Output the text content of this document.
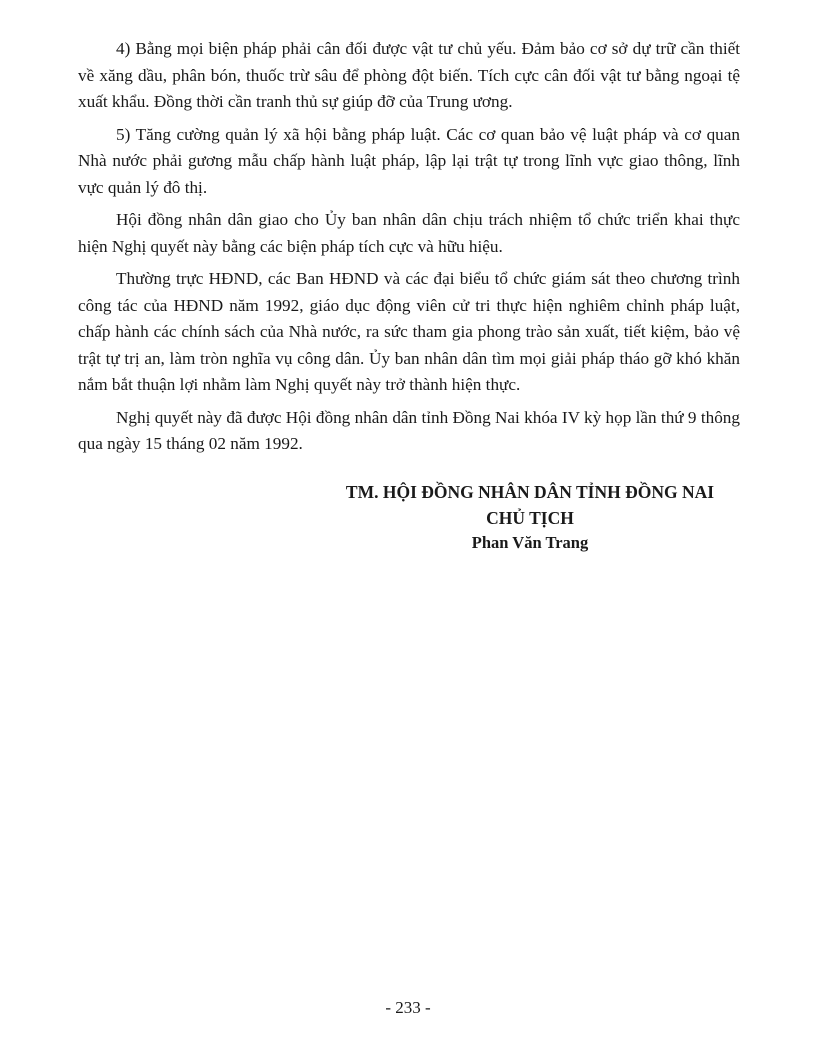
4) Bằng mọi biện pháp phải cân đối được vật tư chủ yếu. Đảm bảo cơ sở dự trữ cần thiết về xăng dầu, phân bón, thuốc trừ sâu để phòng đột biến. Tích cực cân đối vật tư bằng ngoại tệ xuất khẩu. Đồng thời cần tranh thủ sự giúp đỡ của Trung ương.

5) Tăng cường quản lý xã hội bằng pháp luật. Các cơ quan bảo vệ luật pháp và cơ quan Nhà nước phải gương mẫu chấp hành luật pháp, lập lại trật tự trong lĩnh vực giao thông, lĩnh vực quản lý đô thị.

Hội đồng nhân dân giao cho Ủy ban nhân dân chịu trách nhiệm tổ chức triển khai thực hiện Nghị quyết này bằng các biện pháp tích cực và hữu hiệu.

Thường trực HĐND, các Ban HĐND và các đại biểu tổ chức giám sát theo chương trình công tác của HĐND năm 1992, giáo dục động viên cử tri thực hiện nghiêm chỉnh pháp luật, chấp hành các chính sách của Nhà nước, ra sức tham gia phong trào sản xuất, tiết kiệm, bảo vệ trật tự trị an, làm tròn nghĩa vụ công dân. Ủy ban nhân dân tìm mọi giải pháp tháo gỡ khó khăn nắm bắt thuận lợi nhằm làm Nghị quyết này trở thành hiện thực.

Nghị quyết này đã được Hội đồng nhân dân tỉnh Đồng Nai khóa IV kỳ họp lần thứ 9 thông qua ngày 15 tháng 02 năm 1992.

TM. HỘI ĐỒNG NHÂN DÂN TỈNH ĐỒNG NAI
CHỦ TỊCH
Phan Văn Trang
- 233 -
